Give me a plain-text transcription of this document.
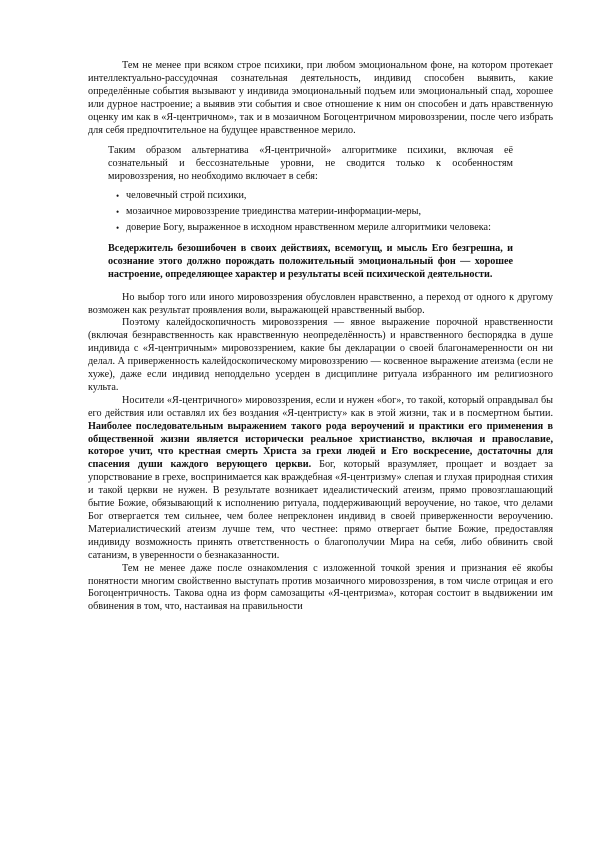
Тем не менее при всяком строе психики, при любом эмоциональном фоне, на котором протекает интеллектуально-рассудочная сознательная деятельность, индивид способен выявить, какие определённые события вызывают у индивида эмоциональный подъем или эмоциональный спад, хорошее или дурное настроение; а выявив эти события и свое отношение к ним он способен и дать нравственную оценку им как в «Я-центричном», так и в мозаичном Богоцентричном мировоззрении, после чего избрать для себя предпочтительное на будущее нравственное мерило.

Таким образом альтернатива «Я-центричной» алгоритмике психики, включая её сознательный и бессознательные уровни, не сводится только к особенностям мировоззрения, но необходимо включает в себя:

• человечный строй психики,
• мозаичное мировоззрение триединства материи-информации-меры,
• доверие Богу, выраженное в исходном нравственном мерилe алгоритмики человека:

Вседержитель безошибочен в своих действиях, всемогущ, и мысль Его безгрешна, и осознание этого должно порождать положительный эмоциональный фон — хорошее настроение, определяющее характер и результаты всей психической деятельности.

Но выбор того или иного мировоззрения обусловлен нравственно, а переход от одного к другому возможен как результат проявления воли, выражающей нравственный выбор.

Поэтому калейдоскопичность мировоззрения — явное выражение порочной нравственности (включая безнравственность как нравственную неопределённость) и нравственного беспорядка в душе индивида с «Я-центричным» мировоззрением, какие бы декларации о своей благонамеренности он ни делал. А приверженность калейдоскопическому мировоззрению — косвенное выражение атеизма (если не хуже), даже если индивид неподдельно усерден в дисциплине ритуала избранного им религиозного культа.

Носители «Я-центричного» мировоззрения, если и нужен «бог», то такой, который оправдывал бы его действия или оставлял их без воздания «Я-центристу» как в этой жизни, так и в посмертном бытии. Наиболее последовательным выражением такого рода вероучений и практики его применения в общественной жизни является исторически реальное христианство, включая и православие, которое учит, что крестная смерть Христа за грехи людей и Его воскресение, достаточны для спасения души каждого верующего церкви. Бог, который вразумляет, прощает и воздает за упорствование в грехе, воспринимается как враждебная «Я-центризму» слепая и глухая природная стихия и такой церкви не нужен. В результате возникает идеалистический атеизм, прямо провозглашающий бытие Божие, обязывающий к исполнению ритуала, поддерживающий вероучение, но такое, что делами Бог отвергается тем сильнее, чем более непреклонен индивид в своей приверженности вероучению. Материалистический атеизм лучше тем, что честнее: прямо отвергает бытие Божие, предоставляя индивиду возможность принять ответственность о благополучии Мира на себя, либо обвинить свой сатанизм, в уверенности о безнаказанности.

Тем не менее даже после ознакомления с изложенной точкой зрения и признания её якобы понятности многим свойственно выступать против мозаичного мировоззрения, в том числе отрицая и его Богоцентричность. Такова одна из форм самозащиты «Я-центризма», которая состоит в выдвижении им обвинения в том, что, настаивая на правильности
